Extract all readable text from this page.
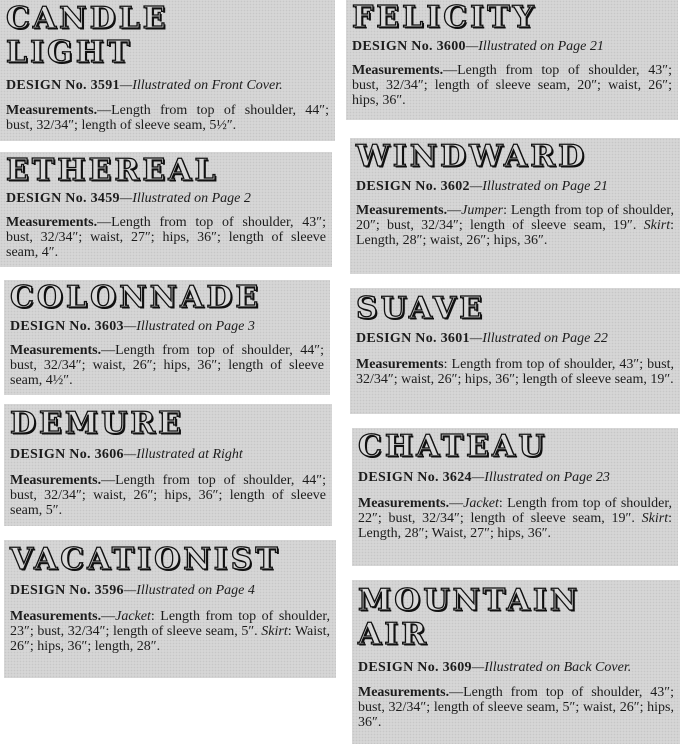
CANDLE
LIGHT

DESIGN No. 3591—Illustrated on Front Cover.

Measurements.—Length from top of shoulder, 44″; bust, 32/34″; length of sleeve seam, 5½″.

ETHEREAL

DESIGN No. 3459—Illustrated on Page 2

Measurements.—Length from top of shoulder, 43″; bust, 32/34″; waist, 27″; hips, 36″; length of sleeve seam, 4″.

COLONNADE

DESIGN No. 3603—Illustrated on Page 3

Measurements.—Length from top of shoulder, 44″; bust, 32/34″; waist, 26″; hips, 36″; length of sleeve seam, 4½″.

DEMURE

DESIGN No. 3606—Illustrated at Right

Measurements.—Length from top of shoulder, 44″; bust, 32/34″; waist, 26″; hips, 36″; length of sleeve seam, 5″.

VACATIONIST

DESIGN No. 3596—Illustrated on Page 4

Measurements.—Jacket: Length from top of shoulder, 23″; bust, 32/34″; length of sleeve seam, 5″. Skirt: Waist, 26″; hips, 36″; length, 28″.

FELICITY

DESIGN No. 3600—Illustrated on Page 21

Measurements.—Length from top of shoulder, 43″; bust, 32/34″; length of sleeve seam, 20″; waist, 26″; hips, 36″.

WINDWARD

DESIGN No. 3602—Illustrated on Page 21

Measurements.—Jumper: Length from top of shoulder, 20″; bust, 32/34″; length of sleeve seam, 19″. Skirt: Length, 28″; waist, 26″; hips, 36″.

SUAVE

DESIGN No. 3601—Illustrated on Page 22

Measurements: Length from top of shoulder, 43″; bust, 32/34″; waist, 26″; hips, 36″; length of sleeve seam, 19″.

CHATEAU

DESIGN No. 3624—Illustrated on Page 23

Measurements.—Jacket: Length from top of shoulder, 22″; bust, 32/34″; length of sleeve seam, 19″. Skirt: Length, 28″; Waist, 27″; hips, 36″.

MOUNTAIN
AIR

DESIGN No. 3609—Illustrated on Back Cover.

Measurements.—Length from top of shoulder, 43″; bust, 32/34″; length of sleeve seam, 5″; waist, 26″; hips, 36″.
